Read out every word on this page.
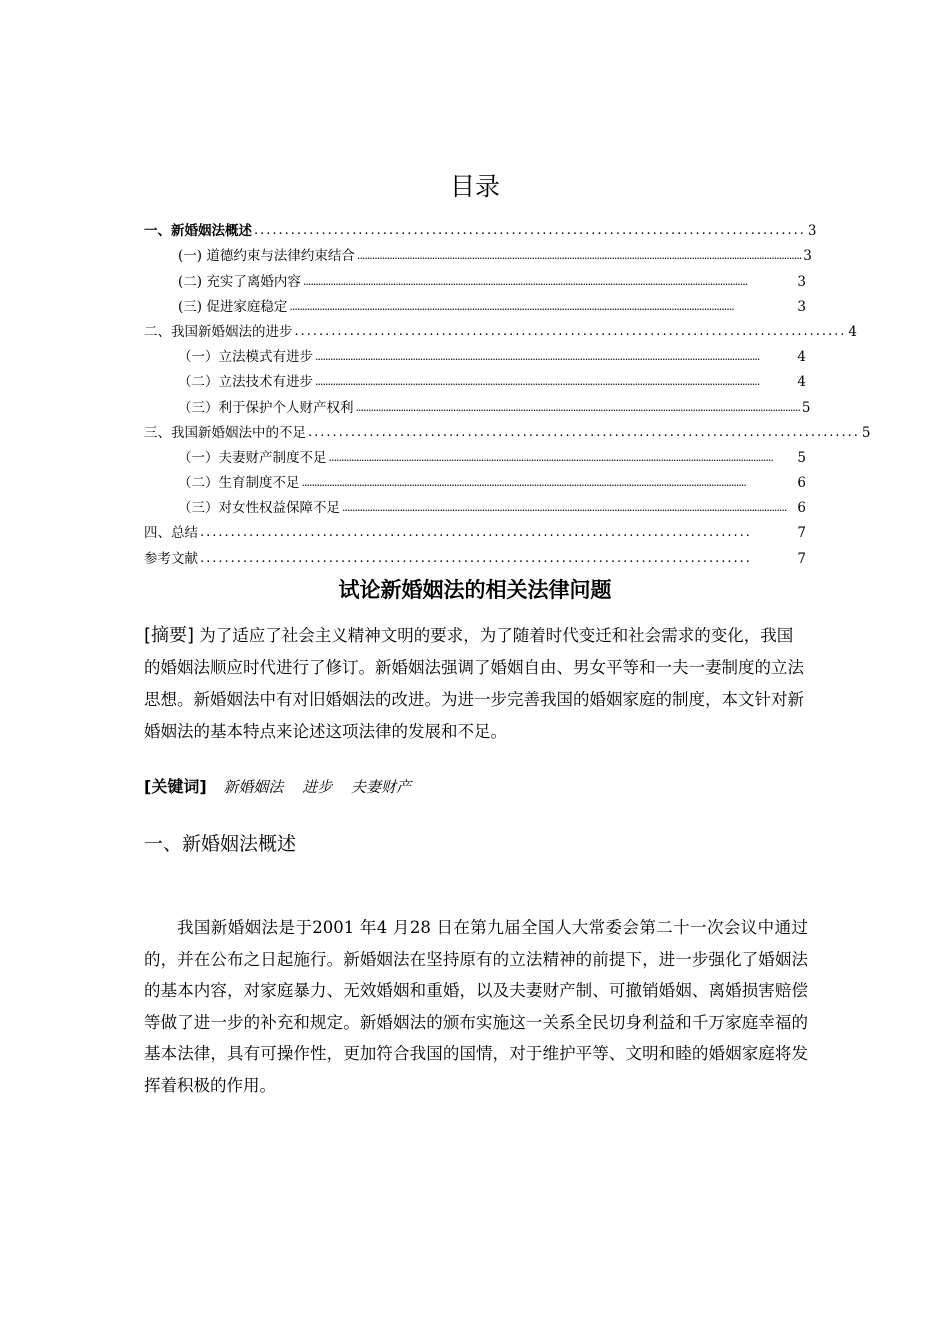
目录
一、新婚姻法概述 .......................................................................................... 3
(一) 道德约束与法律约束结合 .................................................................................................................................................................................. 3
(二) 充实了离婚内容 ..................................................................................................................................................................................	3
(三) 促进家庭稳定 ..................................................................................................................................................................................	3
二、我国新婚姻法的进步 .......................................................................................... 4
（一）立法模式有进步 ..................................................................................................................................................................................	4
（二）立法技术有进步 ..................................................................................................................................................................................	4
（三）利于保护个人财产权利 .................................................................................................................................................................................. 5
三、我国新婚姻法中的不足 .......................................................................................... 5
（一）夫妻财产制度不足 ..................................................................................................................................................................................	5
（二）生育制度不足 ..................................................................................................................................................................................	6
（三）对女性权益保障不足 .................................................................................................................................................................................. 6
四、总结 ..........................................................................................	7
参考文献 ..........................................................................................	7
试论新婚姻法的相关法律问题
[摘要] 为了适应了社会主义精神文明的要求，为了随着时代变迁和社会需求的变化，我国的婚姻法顺应时代进行了修订。新婚姻法强调了婚姻自由、男女平等和一夫一妻制度的立法思想。新婚姻法中有对旧婚姻法的改进。为进一步完善我国的婚姻家庭的制度，本文针对新婚姻法的基本特点来论述这项法律的发展和不足。
[关键词] 新婚姻法 进步 夫妻财产
一、新婚姻法概述
我国新婚姻法是于2001 年4 月28 日在第九届全国人大常委会第二十一次会议中通过的，并在公布之日起施行。新婚姻法在坚持原有的立法精神的前提下，进一步强化了婚姻法的基本内容，对家庭暴力、无效婚姻和重婚，以及夫妻财产制、可撤销婚姻、离婚损害赔偿等做了进一步的补充和规定。新婚姻法的颁布实施这一关系全民切身利益和千万家庭幸福的基本法律，具有可操作性，更加符合我国的国情，对于维护平等、文明和睦的婚姻家庭将发挥着积极的作用。
